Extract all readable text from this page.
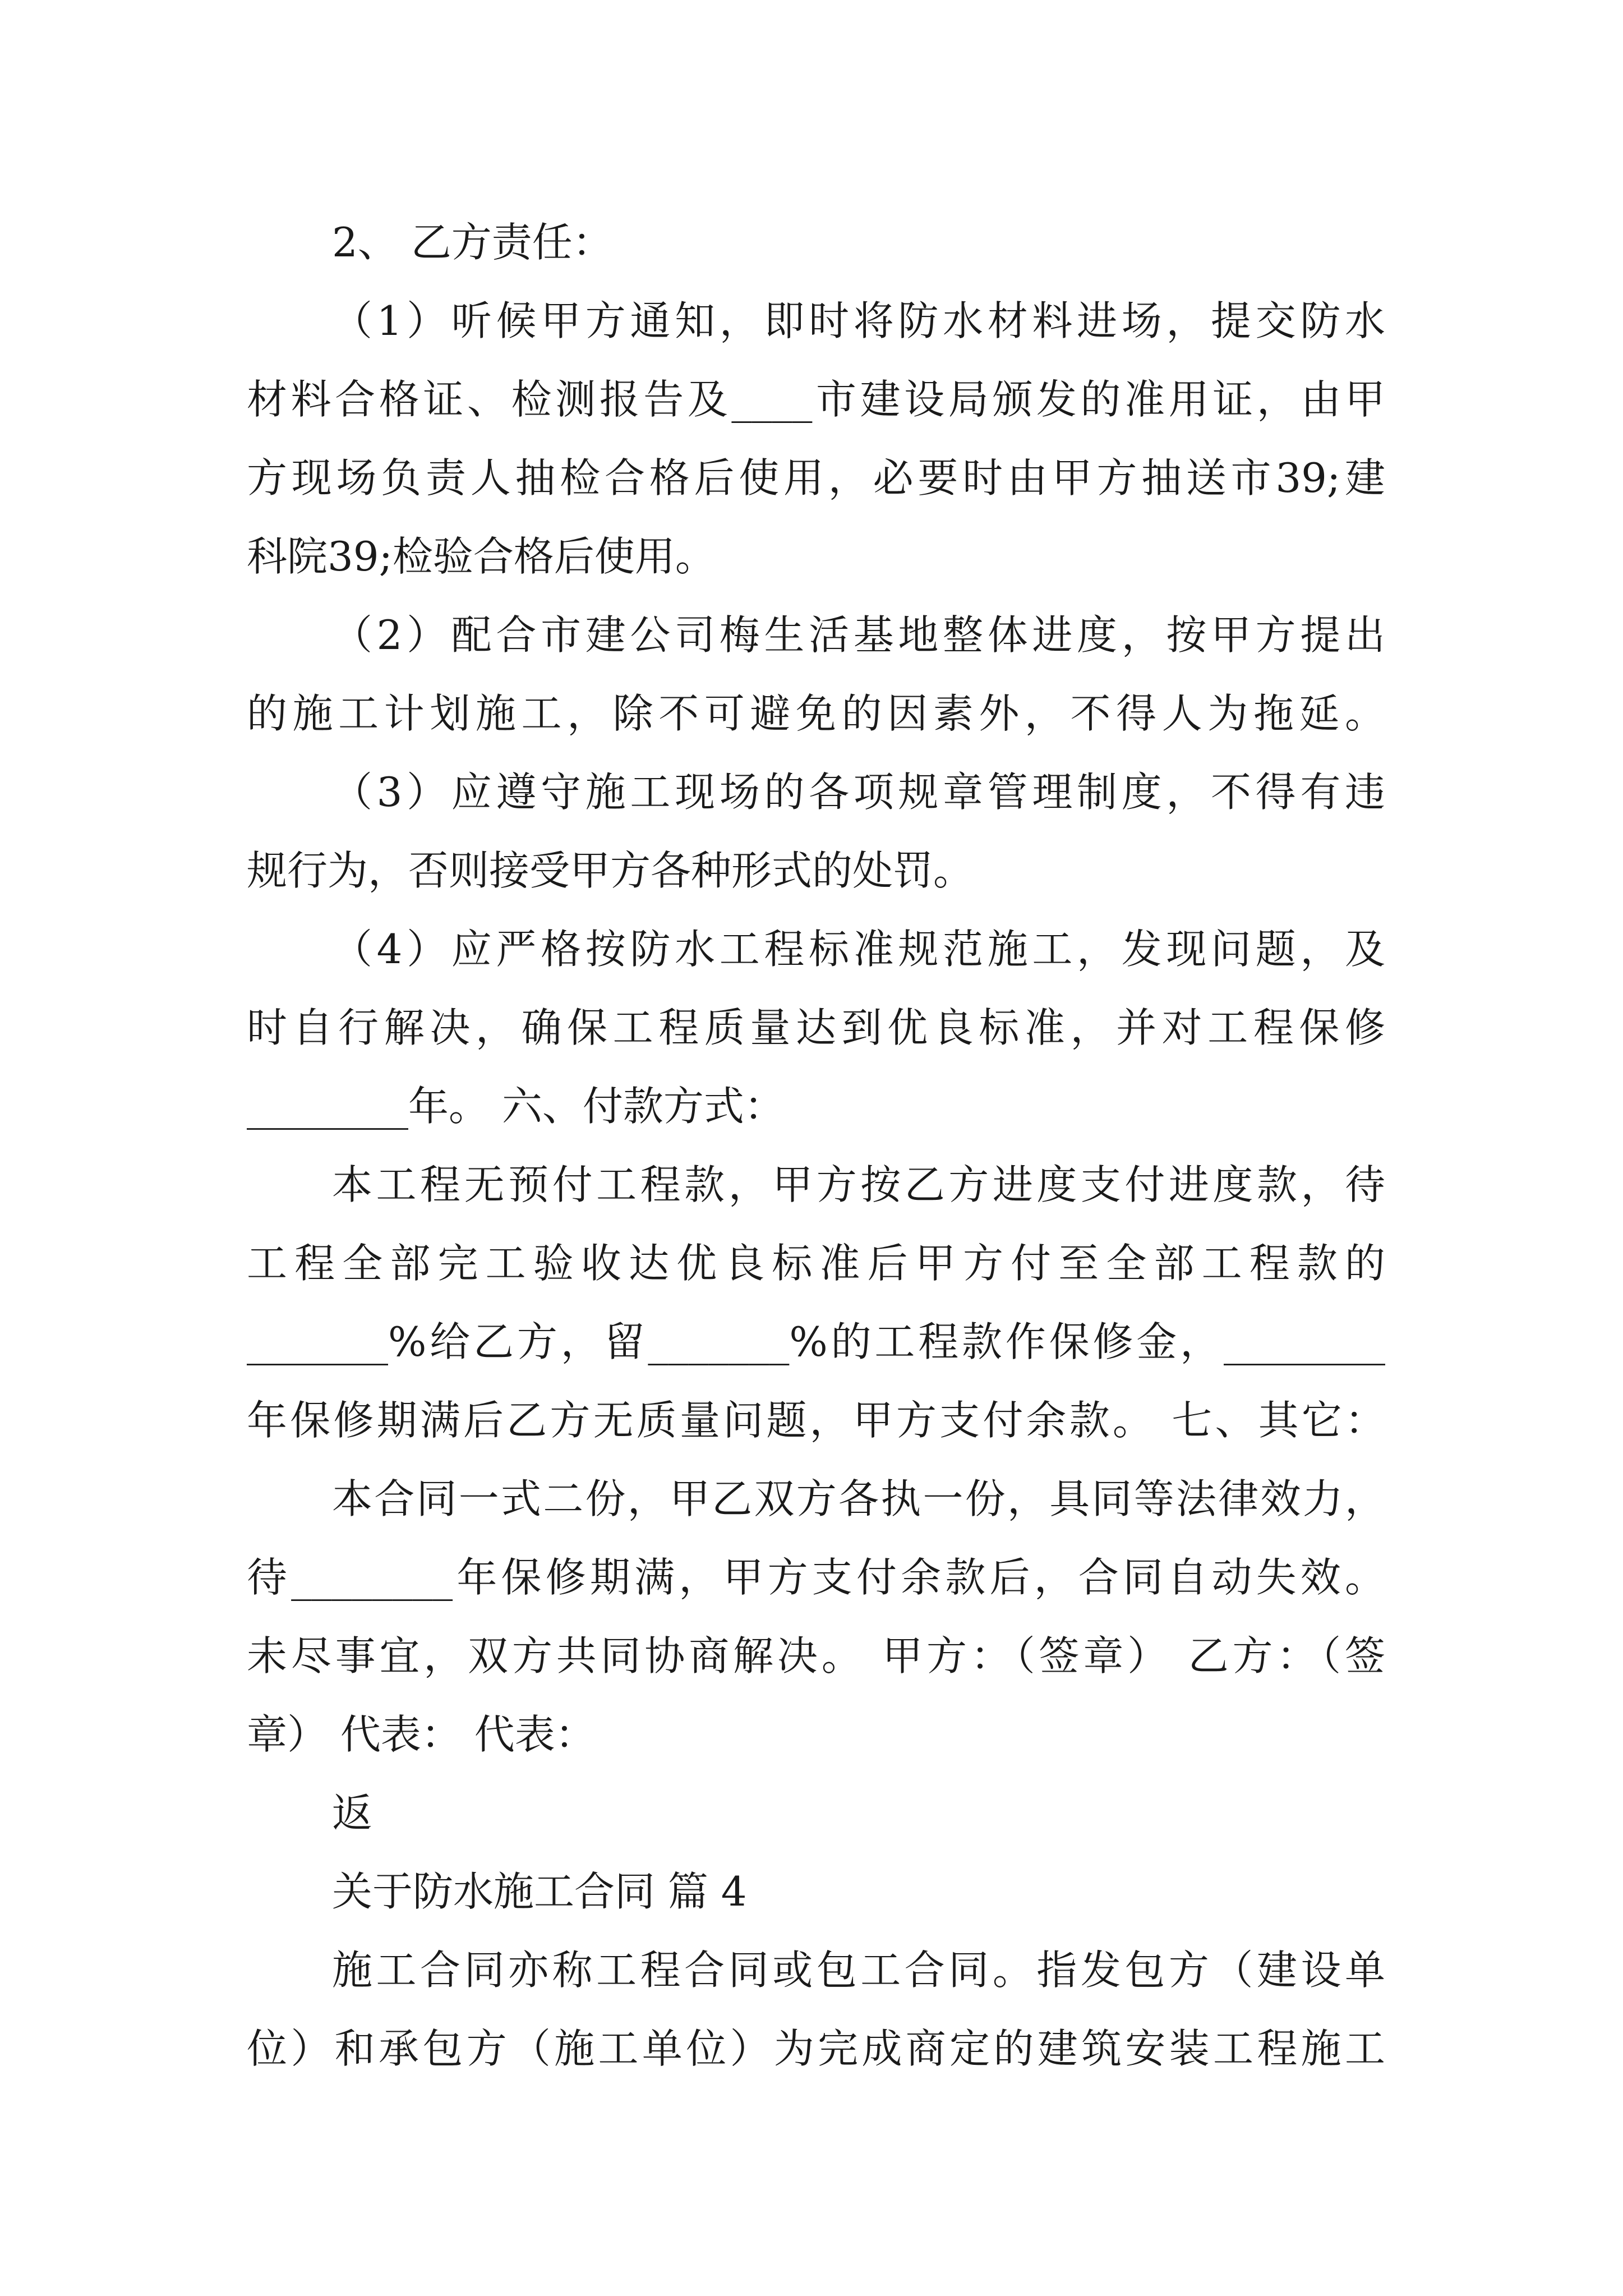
2、 乙方责任：
（1）听候甲方通知，即时将防水材料进场，提交防水
材料合格证、检测报告及____市建设局颁发的准用证，由甲
方现场负责人抽检合格后使用，必要时由甲方抽送市39;建
科院39;检验合格后使用。
（2）配合市建公司梅生活基地整体进度，按甲方提出
的施工计划施工，除不可避免的因素外，不得人为拖延。
（3）应遵守施工现场的各项规章管理制度，不得有违
规行为，否则接受甲方各种形式的处罚。
（4）应严格按防水工程标准规范施工，发现问题，及
时自行解决，确保工程质量达到优良标准，并对工程保修
________年。 六、付款方式：
本工程无预付工程款，甲方按乙方进度支付进度款，待
工程全部完工验收达优良标准后甲方付至全部工程款的
_______%给乙方，留_______%的工程款作保修金，________
年保修期满后乙方无质量问题，甲方支付余款。 七、其它：
本合同一式二份，甲乙双方各执一份，具同等法律效力，
待________年保修期满，甲方支付余款后，合同自动失效。
未尽事宜，双方共同协商解决。 甲方：（签章） 乙方：（签
章） 代表： 代表：
返
关于防水施工合同 篇 4
施工合同亦称工程合同或包工合同。指发包方（建设单
位）和承包方（施工单位）为完成商定的建筑安装工程施工
